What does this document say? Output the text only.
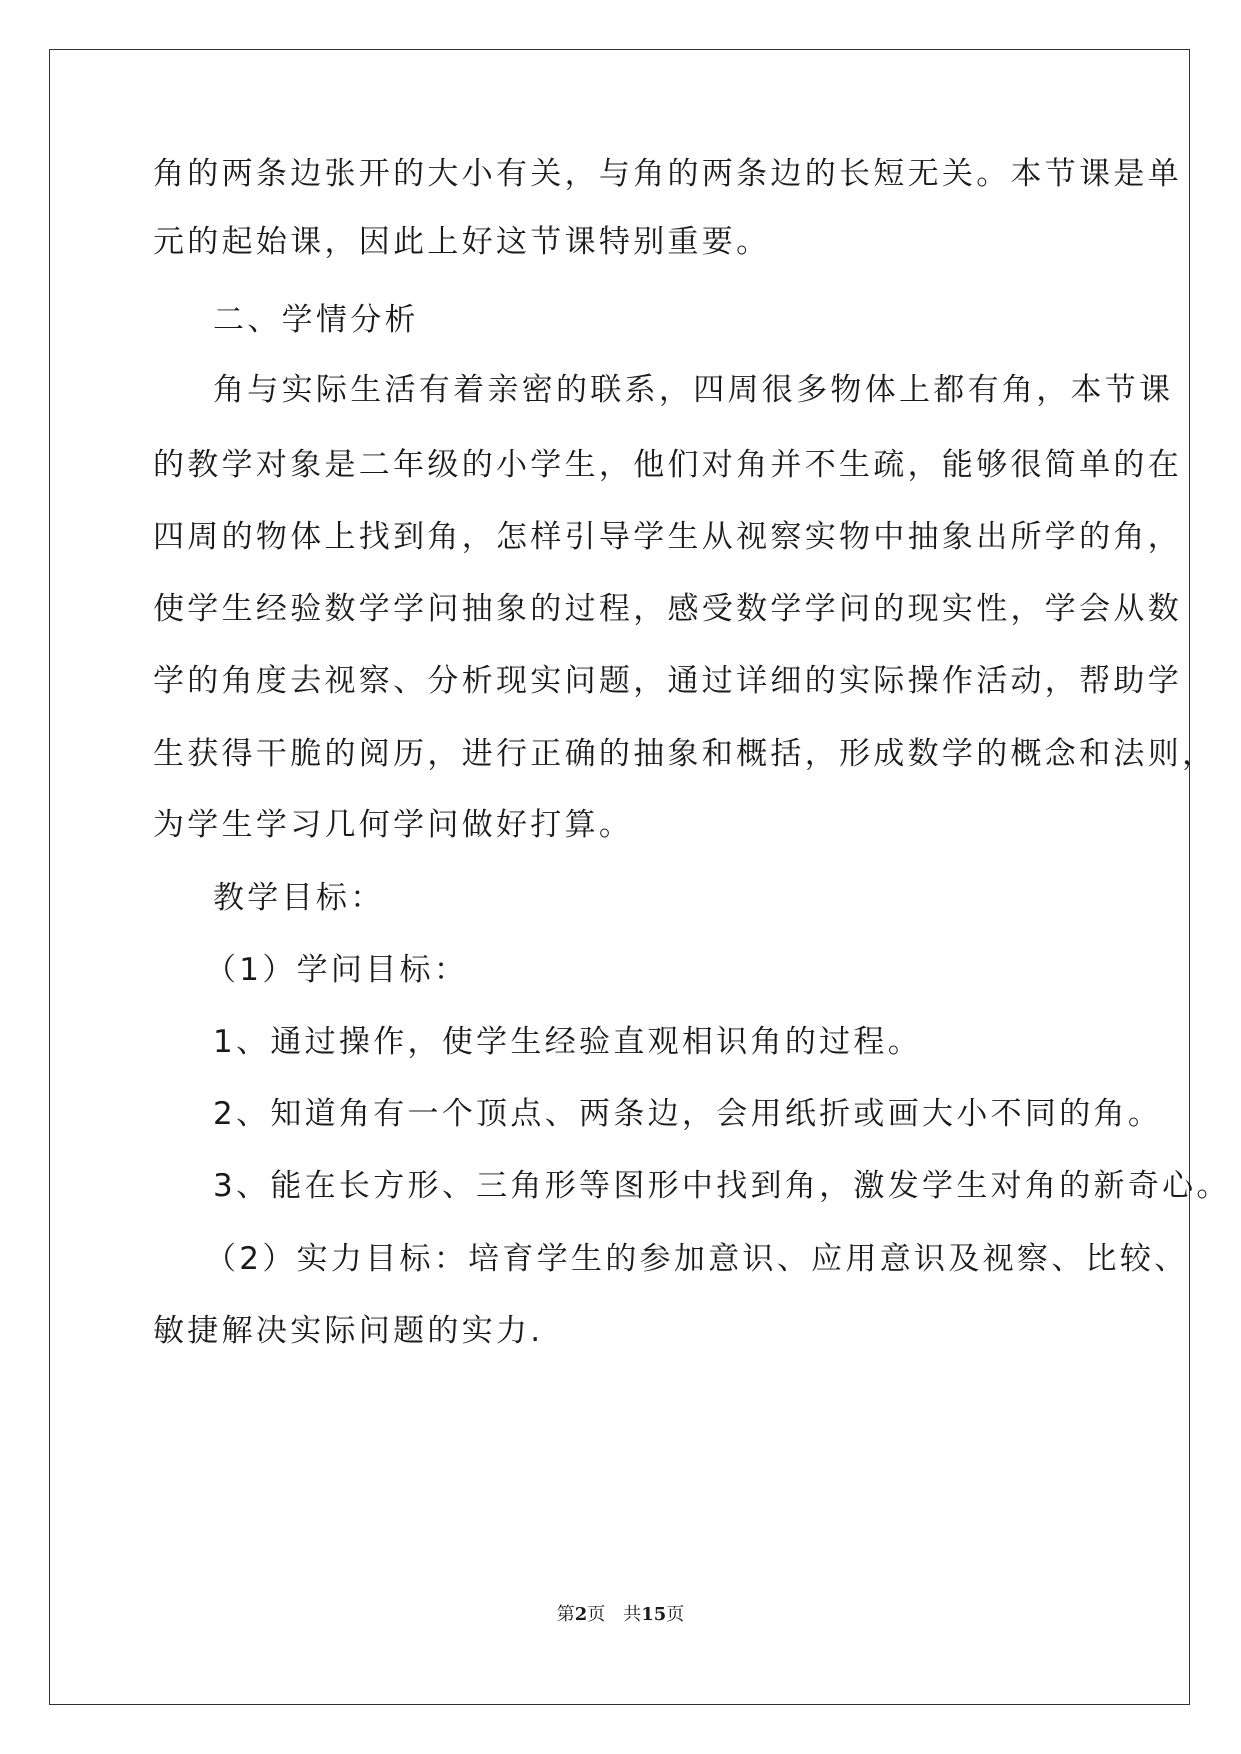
角的两条边张开的大小有关，与角的两条边的长短无关。本节课是单
元的起始课，因此上好这节课特别重要。
二、学情分析
角与实际生活有着亲密的联系，四周很多物体上都有角，本节课
的教学对象是二年级的小学生，他们对角并不生疏，能够很简单的在
四周的物体上找到角，怎样引导学生从视察实物中抽象出所学的角，
使学生经验数学学问抽象的过程，感受数学学问的现实性，学会从数
学的角度去视察、分析现实问题，通过详细的实际操作活动，帮助学
生获得干脆的阅历，进行正确的抽象和概括，形成数学的概念和法则，
为学生学习几何学问做好打算。
教学目标：
（1）学问目标：
1、通过操作，使学生经验直观相识角的过程。
2、知道角有一个顶点、两条边，会用纸折或画大小不同的角。
3、能在长方形、三角形等图形中找到角，激发学生对角的新奇心。
（2）实力目标：培育学生的参加意识、应用意识及视察、比较、
敏捷解决实际问题的实力.
第2页 共15页
